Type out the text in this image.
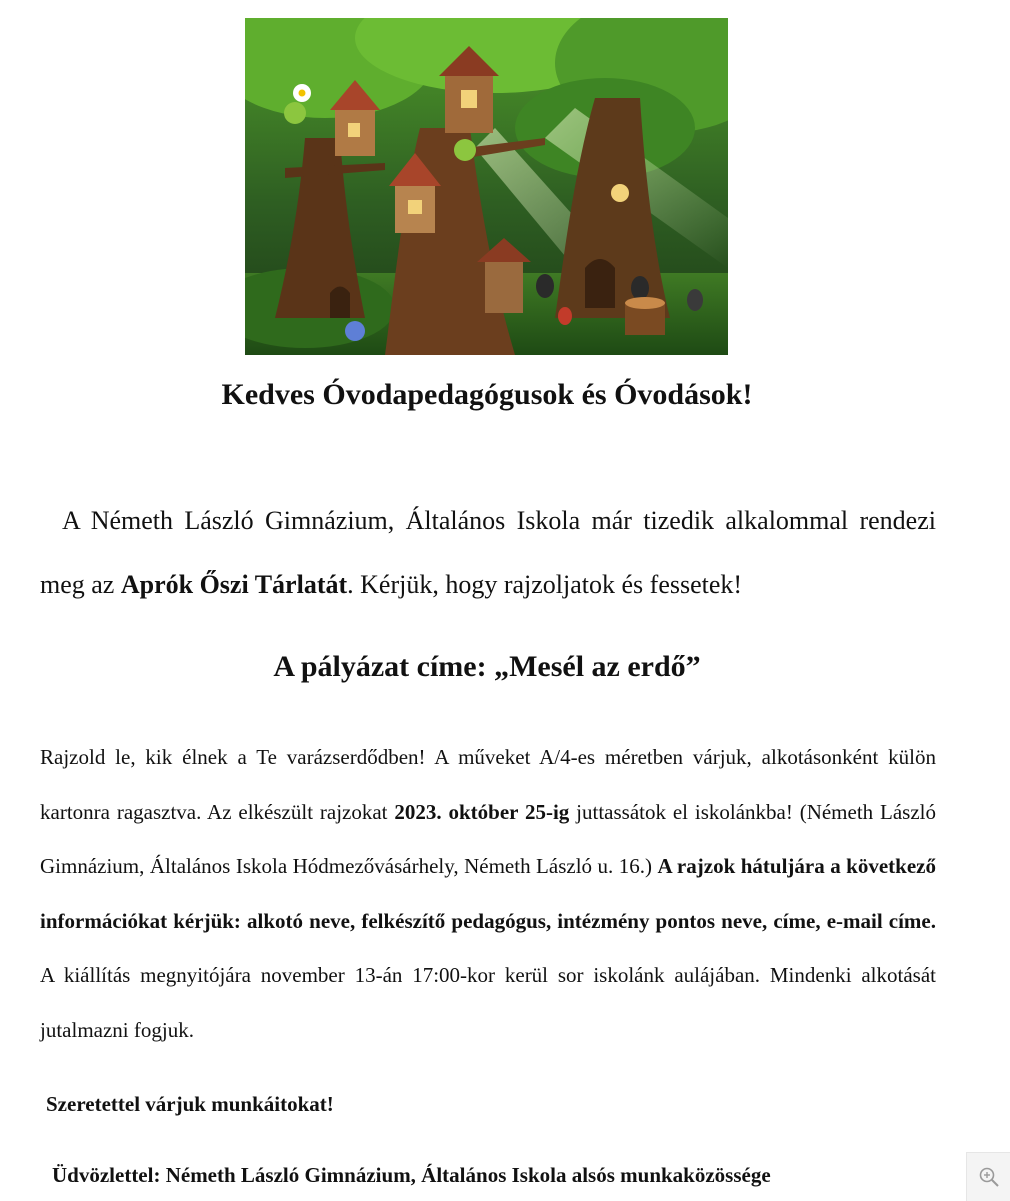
Kedves Óvodapedagógusok és Óvodások!
A Németh László Gimnázium, Általános Iskola már tizedik alkalommal rendezi meg az Aprók Őszi Tárlatát. Kérjük, hogy rajzoljatok és fessetek!
A pályázat címe: „Mesél az erdő”

Rajzold le, kik élnek a Te varázserdődben! A műveket A/4-es méretben várjuk, alkotásonként külön kartonra ragasztva. Az elkészült rajzokat 2023. október 25-ig juttassátok el iskolánkba! (Németh László Gimnázium, Általános Iskola Hódmezővásárhely, Németh László u. 16.) A rajzok hátuljára a következő információkat kérjük: alkotó neve, felkészítő pedagógus, intézmény pontos neve, címe, e-mail címe. A kiállítás megnyitójára november 13-án 17:00-kor kerül sor iskolánk aulájában. Mindenki alkotását jutalmazni fogjuk.

Szeretettel várjuk munkáitokat!
Üdvözlettel: Németh László Gimnázium, Általános Iskola alsós munkaközössége
